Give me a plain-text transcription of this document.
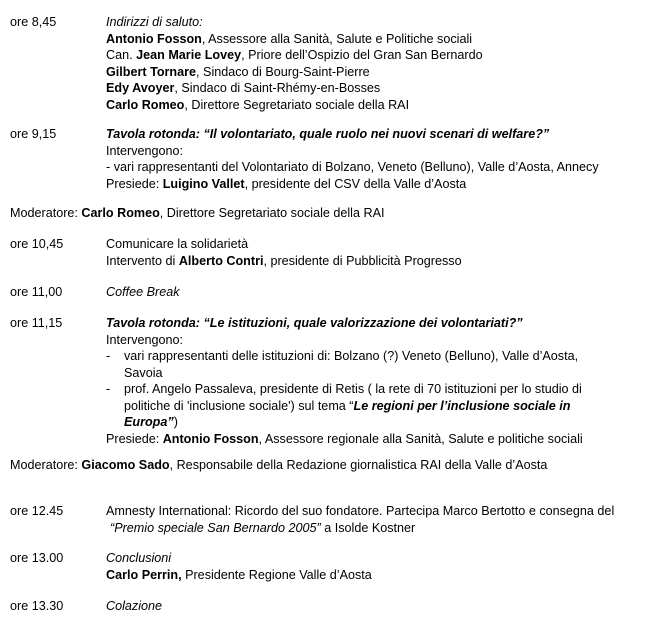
ore 8,45	Indirizzi di saluto:
Antonio Fosson, Assessore alla Sanità, Salute e Politiche sociali
Can. Jean Marie Lovey, Priore dell’Ospizio del Gran San Bernardo
Gilbert Tornare, Sindaco di Bourg-Saint-Pierre
Edy Avoyer, Sindaco di Saint-Rhémy-en-Bosses
Carlo Romeo, Direttore Segretariato sociale della RAI
ore 9,15	Tavola rotonda: “Il volontariato, quale ruolo nei nuovi scenari di welfare?”
Intervengono:
- vari rappresentanti del Volontariato di Bolzano, Veneto (Belluno), Valle d’Aosta, Annecy
Presiede: Luigino Vallet, presidente del CSV della Valle d’Aosta
Moderatore: Carlo Romeo, Direttore Segretariato sociale della RAI
ore 10,45	Comunicare la solidarietà
Intervento di Alberto Contri, presidente di Pubblicità Progresso
ore 11,00	Coffee Break
ore 11,15	Tavola rotonda: “Le istituzioni, quale valorizzazione dei volontariati?”
Intervengono:
- vari rappresentanti delle istituzioni di: Bolzano (?) Veneto (Belluno), Valle d’Aosta,
Savoia
- prof. Angelo Passaleva, presidente di Retis ( la rete di 70 istituzioni per lo studio di
politiche di 'inclusione sociale') sul tema “Le regioni per l’inclusione sociale in
Europa”)
Presiede: Antonio Fosson, Assessore regionale alla Sanità, Salute e politiche sociali
Moderatore: Giacomo Sado, Responsabile della Redazione giornalistica RAI della Valle d’Aosta
ore 12.45	Amnesty International: Ricordo del suo fondatore. Partecipa Marco Bertotto e consegna del
“Premio speciale San Bernardo 2005” a Isolde Kostner
ore 13.00	Conclusioni
Carlo Perrin, Presidente Regione Valle d’Aosta
ore 13.30	Colazione
